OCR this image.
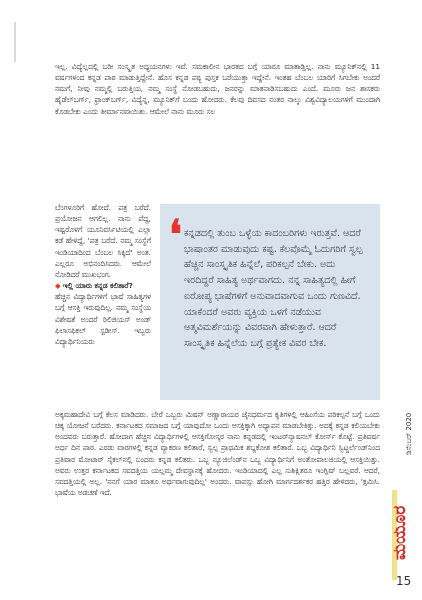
ಇಲ್ಲ. ವಿದ್ಯೆಲ್ಲದಲ್ಲಿ ಬರೀ ಸಂಸ್ಕೃತ ಅಧ್ಯಯನಗಳು ಇವೆ. ಸಮಕಾಲೀನ ಭಾರತದ ಬಗ್ಗೆ ಯಾರೂ ಮಾತಾಡ್ತಿಲ್ಲ. ನಾನು ಮ್ಯೂನಿಕ್‌ನಲ್ಲಿ 11 ವರ್ಷಗಳಿಂದ ಕನ್ನಡ ಪಾಠ ಮಾಡುತ್ತಿದ್ದೇನೆ. ಹೊಸ ಕನ್ನಡ ಪಠ್ಯ ಪುಸ್ತಕ ಬರೆಯುತ್ತಾ ಇದ್ದೇನೆ. ಇಂತಹ ಬೆಂಬಲ ಯಾರಿಗೆ ಸಿಗಬೇಕು ಅಂದರೆ ನಮಗೆ, ನೀವು ನಮ್ಮಲ್ಲಿ ಬರುತ್ತಿಯ, ನಮ್ಮ ಸಂಸ್ಥೆ ನೋಡಬಹುದು, ಜನರನ್ನು ಮಾತನಾಡಿಸಬಹುದು ಎಂದೆ. ಮೂರು ಜನ ಶಾಸಕರು ಹೈಡೆಲ್‌ಬರ್ಗ್, ಫ್ರಾಂಕ್‌ಬರ್ಗ್, ವಿದ್ಯೆನ್ನ, ಮ್ಯೂನಿಕ್‌ಗೆ ಬಂದು ಹೋದರು. ಕೆಲವು ದಿವಸದ ನಂತರ ನಾಲ್ಕು ವಿಶ್ವವಿದ್ಯಾಲಯಗಳಿಗೆ ಮುಂದಾಗಿ ಕೊಡಬೇಕು ಎಂದು ತೀರ್ಮಾನವಾಯಿತು. ಆಮೇಲೆ ನಾನು ಮೂರು ಸಲ

ಬೆಂಗಳೂರಿಗೆ ಹೋದೆ. ಪತ್ರ ಬರೆದೆ. ಪ್ರಯೋಜನ ಆಗಲಿಲ್ಲ. ನಾನು ಪೆದ್ದ, ಇಷ್ಟರೊಳಗೆ ಯೂನಿವರ್ಸಿಟಿಯಲ್ಲಿ ಎಲ್ಲಾ ಕಡೆ ಹೇಳಿದ್ದೆ, 'ಪತ್ರ ಬರೆದೆ. ನಮ್ಮ ಸಂಸ್ಥೆಗೆ ಇಂಡಿಯಾದಿಂದ ಬೆಂಬಲ ಸಿಕ್ಕಿದೆ' ಅಂತ. ಎಲ್ಲರೂ ಅಭಿನಂದಿಸಿದರು. ಆಮೇಲೆ ನೋಡಿದರೆ ಮುಖಭಂಗ.

◆ ಇಲ್ಲಿ ಯಾರು ಕನ್ನಡ ಕಲಿತಾರೆ?

ಹೆಚ್ಚಿನ ವಿದ್ಯಾರ್ಥಿಗಳಿಗೆ ಭಾಷೆ ಸಾಹಿತ್ಯಗಳ ಬಗ್ಗೆ ಆಸಕ್ತಿ ಇರುವುದಿಲ್ಲ. ನಮ್ಮ ಸಂಸ್ಥೆಯ ವಿಶೇಷತೆ ಅಂದರೆ ರಿಲಿಜಿಯಸ್ ಅಂಡ್ ಫಿಲಾಸಫಿಕಲ್ ಸ್ಟಡೀಸ್. ಇಬ್ಬರು ವಿದ್ಯಾರ್ಥಿನಿಯರು

❛ ಕನ್ನಡದಲ್ಲಿ ತುಂಬ ಒಳ್ಳೆಯ ಕಾದಂಬರಿಗಳು ಇರುತ್ತವೆ. ಆದರೆ ಭಾಷಾಂತರ ಮಾಡುವುದು ಕಷ್ಟ. ಕೆಲವೊಮ್ಮೆ ಓದುಗರಿಗೆ ಸ್ವಲ್ಪ ಹೆಚ್ಚಿನ ಸಾಂಸ್ಕೃತಿಕ ಹಿನ್ನೆಲೆ, ಪರಿಕಲ್ಪನೆ ಬೇಕು. ಅದು ಇರದಿದ್ದರೆ ಸಾಹಿತ್ಯ ಅರ್ಥವಾಗದು. ನನ್ನ ಸಾಹಿತ್ಯದಲ್ಲಿ ಹೀಗೆ ಐರೋಪ್ಯ ಭಾಷೆಗಳಿಗೆ ಅನುವಾದವಾಗುವ ಒಂದು ಗುಣವಿದೆ. ಯಾಕೆಂದರೆ ಅವರು ವ್ಯಕ್ತಿಯ ಒಳಗೆ ನಡೆಯುವ ಆತ್ಮವಿಮರ್ಶೆಯನ್ನು ವಿವರವಾಗಿ ಹೇಳುತ್ತಾರೆ. ಆದರೆ ಸಾಂಸ್ಕೃತಿಕ ಹಿನ್ನೆಲೆಯ ಬಗ್ಗೆ ಪ್ರತ್ಯೇಕ ವಿವರ ಬೇಕ.

ಅಕ್ಕಮಹಾದೇವಿ ಬಗ್ಗೆ ಕೆಲಸ ಮಾಡಿದರು. ಬೇರೆ ಒಬ್ಬರು ಮಿಷನ್ ಅಣ್ಣಾರಾಯರ ಜೈನಧರ್ಮದ ಕೃತಿಗಳಲ್ಲಿ ಆಹಿಂಸೆಯ ಪರಿಕಲ್ಪನೆ ಬಗ್ಗೆ ಒಂದು ಚಿಕ್ಕ ಯೋಜನೆ ಬರೆದರು. ಕರ್ನಾಟಕದ ಸಮಾಜದ ಬಗ್ಗೆ ಯಾವುದೋ ಒಂದು ಆಸಕ್ತಿಕ್ಕಾಗಿ ಅಧ್ಯಾಪನ ಮಾಡಬೇಕಿತ್ತು. ಅದಕ್ಕೆ ಕನ್ನಡ ಕಲಿಯಬೇಕು ಅಂದವರು ಬರುತ್ತಾರೆ. ಹೋದಾಗ ಹೆಚ್ಚಿನ ವಿದ್ಯಾರ್ಥಿಗಳಲ್ಲಿ ಆಸಕ್ತಿಗೋಸ್ಕರ ನಾನು ಕನ್ನಡದಲ್ಲಿ ಇಂಟರ್‌ನ್ಯಾಷನಲ್ ಕೋರ್ಸ್ ಕೊಟ್ಟೆ. ಪ್ರತಿವರ್ಷ ಅರ್ಧ ದಿನ ಪಾಠ. ಎರಡು ವಾರಗಳಲ್ಲಿ ಕನ್ನಡ ವ್ಯಾಕರಣ ಕಲಿತಾರೆ, ಸ್ವಲ್ಪ ಪ್ರಾಥಮಿಕ ಶಬ್ದಕೋಶ ಕಲಿತಾರೆ. ಒಬ್ಬ ವಿದ್ಯಾರ್ಥಿನಿ ಸ್ವಿಟ್ಜರ್ಲೆಂಡ್‌ನಿಂದ ಪ್ರತಿವಾರ ಮೋಟಾರ್ ಸೈಕಲ್‌ನಲ್ಲಿ ಬಂದರು ಕನ್ನಡ ಕಲಿತರು. ಒಬ್ಬ ನ್ಯೂಜಿಲೆಂಡ್‌ನ ಒಬ್ಬ ವಿದ್ಯಾರ್ಥಿನಿಗೆ ಅಂತೋಪಾಲಜಿಯಲ್ಲಿ ಆಸಕ್ತಿಯಿತ್ತು. ಅವರು ಉತ್ತರ ಕರ್ನಾಟಕದ ಸವದತ್ತಿಯ ಯಲ್ಲಮ್ಮ ದೇವಸ್ಥಾನಕ್ಕೆ ಹೋದರು. ಇಂಡಿಯಾದಲ್ಲಿ ಎಲ್ಲ ಸುಶಿಕ್ಷಿತರೂ ಇಂಗ್ಲಿಷ್ ಬಲ್ಲವರೆ. ಆದರೆ, ಸವದತ್ತಿಯಲ್ಲಿ ಅಲ್ಲ. 'ನನಗೆ ಯಾರ ಮಾತೂ ಅರ್ಥವಾಗುವುದಿಲ್ಲ' ಅಂದರು. ವಾಪಸ್ಸು ಹೋಗಿ ಮಾರ್ಗದರ್ಶಕರ ಹತ್ತಿರ ಹೇಳಿದರು, 'ಕ್ಷಮಿಸಿ. ಭಾಷೆಯ ಅಡಚಣೆ ಇದೆ.

ಡಿಸೆಂಬರ್ 2020
ಮಯೂರ
15
